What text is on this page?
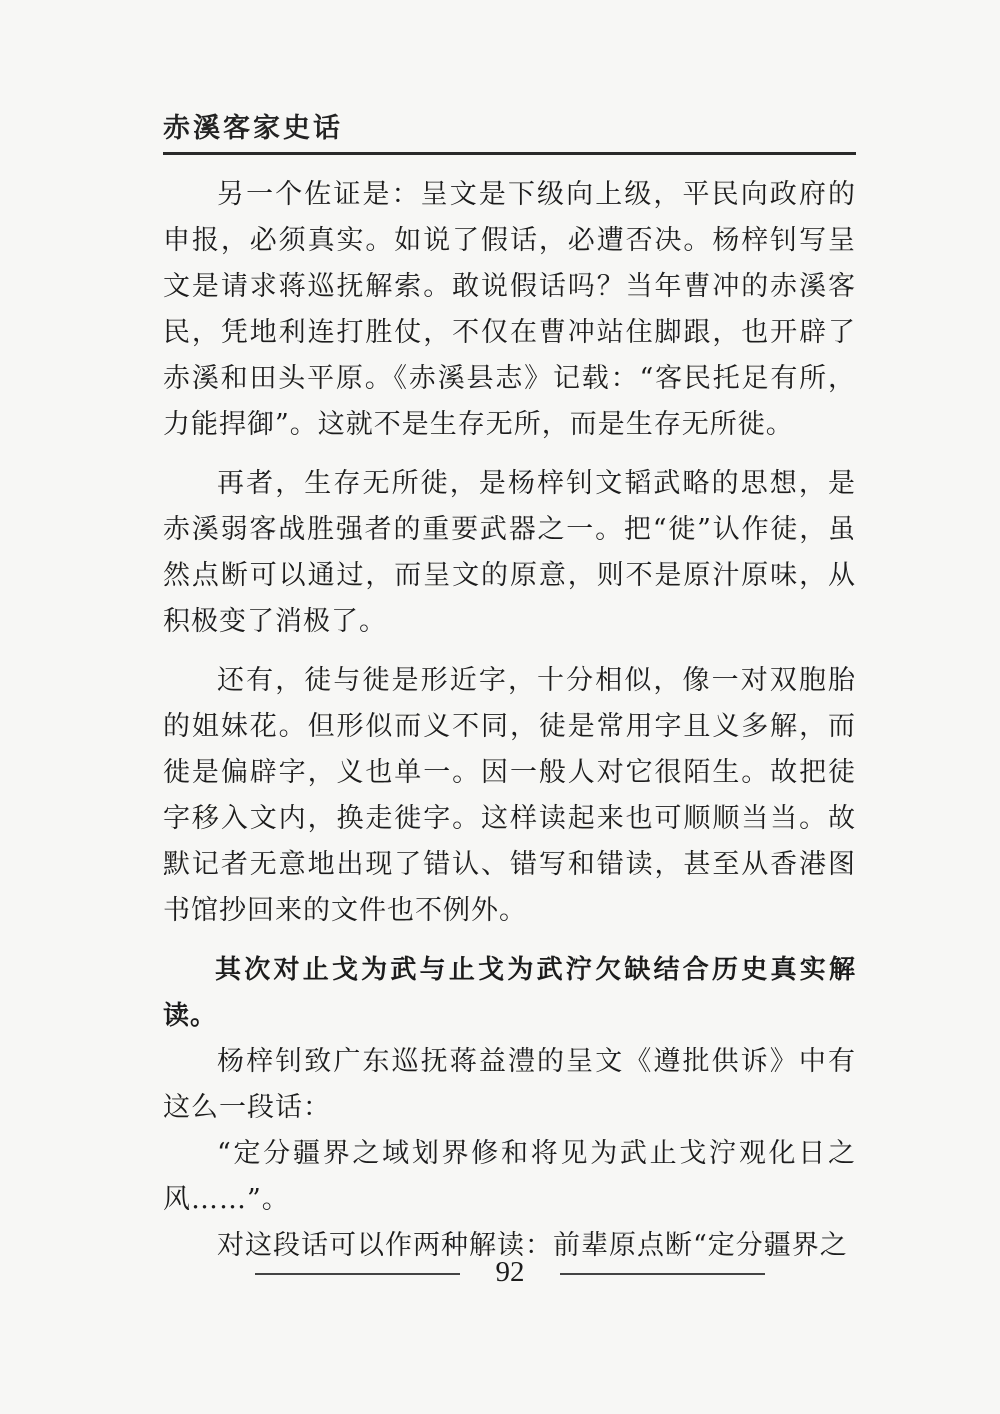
赤溪客家史话

另一个佐证是：呈文是下级向上级，平民向政府的申报，必须真实。如说了假话，必遭否决。杨梓钊写呈文是请求蒋巡抚解索。敢说假话吗？当年曹冲的赤溪客民，凭地利连打胜仗，不仅在曹冲站住脚跟，也开辟了赤溪和田头平原。《赤溪县志》记载：“客民托足有所，力能捍御”。这就不是生存无所，而是生存无所徙。

再者，生存无所徙，是杨梓钊文韬武略的思想，是赤溪弱客战胜强者的重要武器之一。把“徙”认作徒，虽然点断可以通过，而呈文的原意，则不是原汁原味，从积极变了消极了。

还有，徒与徙是形近字，十分相似，像一对双胞胎的姐妹花。但形似而义不同，徒是常用字且义多解，而徙是偏辟字，义也单一。因一般人对它很陌生。故把徒字移入文内，换走徙字。这样读起来也可顺顺当当。故默记者无意地出现了错认、错写和错读，甚至从香港图书馆抄回来的文件也不例外。

其次对止戈为武与止戈为武泞欠缺结合历史真实解读。

杨梓钊致广东巡抚蒋益澧的呈文《遵批供诉》中有这么一段话：

“定分疆界之域划界修和将见为武止戈泞观化日之风……”。

对这段话可以作两种解读：前辈原点断“定分疆界之

92
